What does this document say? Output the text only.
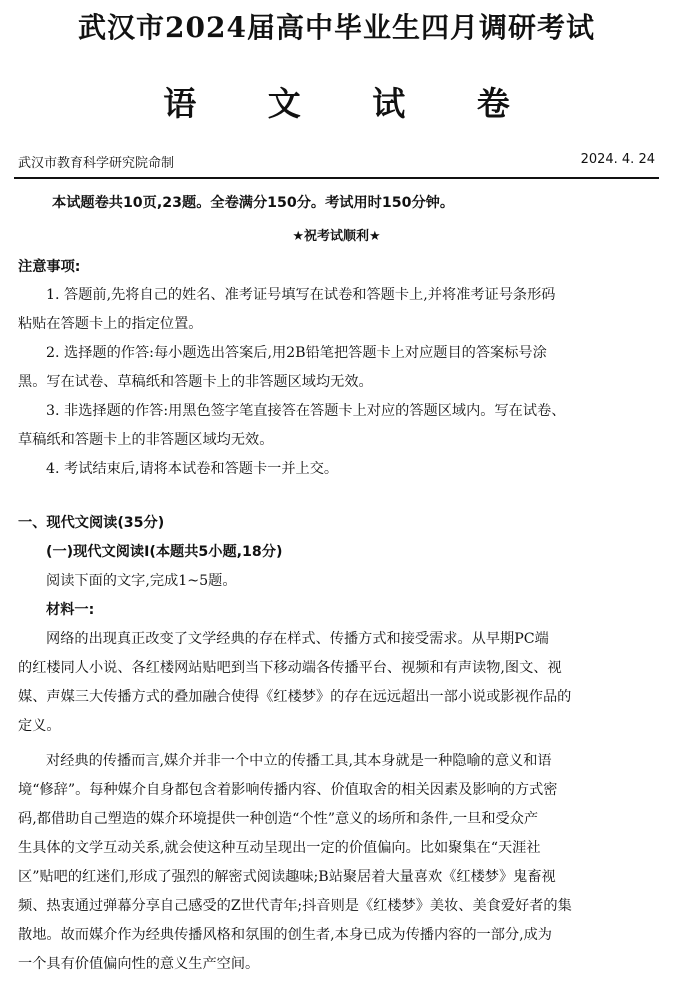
武汉市2024届高中毕业生四月调研考试
语 文 试 卷
武汉市教育科学研究院命制	2024. 4. 24
本试题卷共10页,23题。全卷满分150分。考试用时150分钟。
★祝考试顺利★
注意事项:
1. 答题前,先将自己的姓名、准考证号填写在试卷和答题卡上,并将准考证号条形码
粘贴在答题卡上的指定位置。
2. 选择题的作答:每小题选出答案后,用2B铅笔把答题卡上对应题目的答案标号涂
黑。写在试卷、草稿纸和答题卡上的非答题区域均无效。
3. 非选择题的作答:用黑色签字笔直接答在答题卡上对应的答题区域内。写在试卷、
草稿纸和答题卡上的非答题区域均无效。
4. 考试结束后,请将本试卷和答题卡一并上交。
一、现代文阅读(35分)
(一)现代文阅读Ⅰ(本题共5小题,18分)
阅读下面的文字,完成1~5题。
材料一:
网络的出现真正改变了文学经典的存在样式、传播方式和接受需求。从早期PC端
的红楼同人小说、各红楼网站贴吧到当下移动端各传播平台、视频和有声读物,图文、视
媒、声媒三大传播方式的叠加融合使得《红楼梦》的存在远远超出一部小说或影视作品的
定义。
对经典的传播而言,媒介并非一个中立的传播工具,其本身就是一种隐喻的意义和语
境“修辞”。每种媒介自身都包含着影响传播内容、价值取舍的相关因素及影响的方式密
码,都借助自己塑造的媒介环境提供一种创造“个性”意义的场所和条件,一旦和受众产
生具体的文学互动关系,就会使这种互动呈现出一定的价值偏向。比如聚集在“天涯社
区”贴吧的红迷们,形成了强烈的解密式阅读趣味;B站聚居着大量喜欢《红楼梦》鬼畜视
频、热衷通过弹幕分享自己感受的Z世代青年;抖音则是《红楼梦》美妆、美食爱好者的集
散地。故而媒介作为经典传播风格和氛围的创生者,本身已成为传播内容的一部分,成为
一个具有价值偏向性的意义生产空间。
